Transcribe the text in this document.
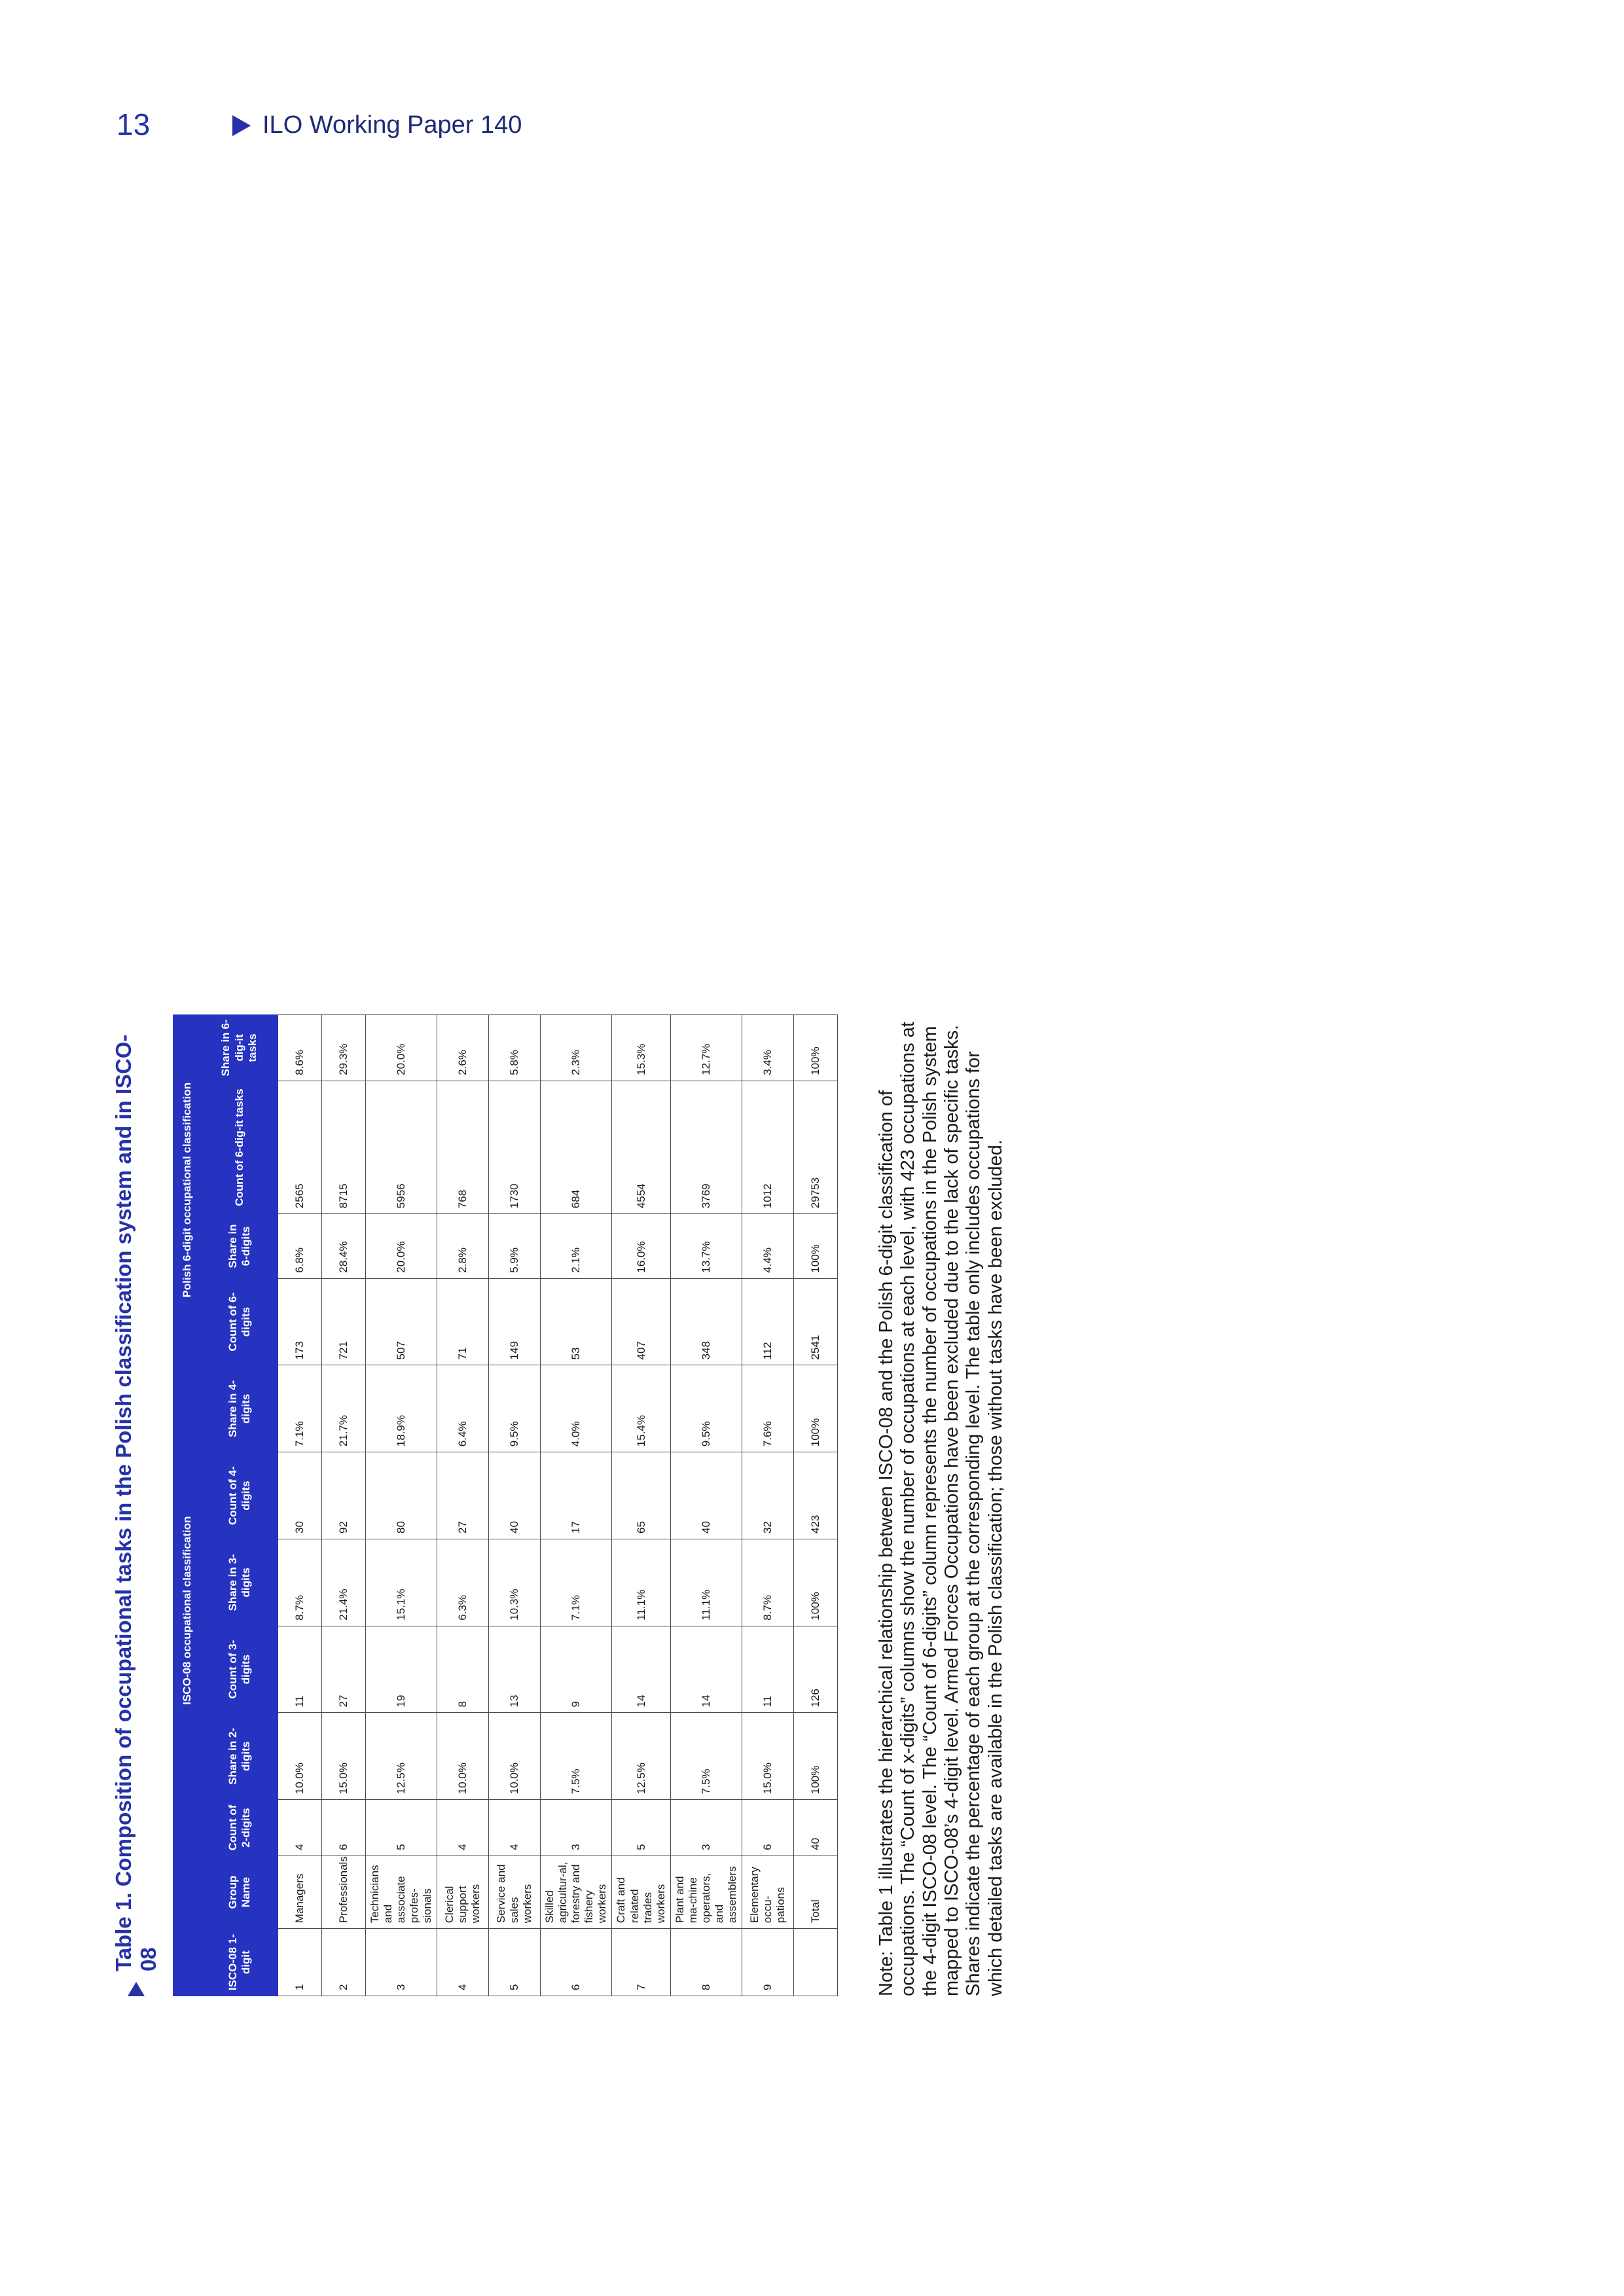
13	ILO Working Paper 140
Table 1. Composition of occupational tasks in the Polish classification system and in ISCO-08
		ISCO-08 occupational classification						Polish 6-digit occupational classification			
ISCO-08 1-digit	Group Name	Count of 2-digits	Share in 2-digits	Count of 3-digits	Share in 3-digits	Count of 4-digits	Share in 4-digits	Count of 6-digits	Share in 6-digits	Count of 6-dig-it tasks	Share in 6-dig-it tasks
1	Managers	4	10.0%	11	8.7%	30	7.1%	173	6.8%	2565	8.6%
2	Professionals	6	15.0%	27	21.4%	92	21.7%	721	28.4%	8715	29.3%
3	Technicians and associate profes-sionals	5	12.5%	19	15.1%	80	18.9%	507	20.0%	5956	20.0%
4	Clerical support workers	4	10.0%	8	6.3%	27	6.4%	71	2.8%	768	2.6%
5	Service and sales workers	4	10.0%	13	10.3%	40	9.5%	149	5.9%	1730	5.8%
6	Skilled agricultur-al, forestry and fishery workers	3	7.5%	9	7.1%	17	4.0%	53	2.1%	684	2.3%
7	Craft and related trades workers	5	12.5%	14	11.1%	65	15.4%	407	16.0%	4554	15.3%
8	Plant and ma-chine operators, and assemblers	3	7.5%	14	11.1%	40	9.5%	348	13.7%	3769	12.7%
9	Elementary occu-pations	6	15.0%	11	8.7%	32	7.6%	112	4.4%	1012	3.4%
	Total	40	100%	126	100%	423	100%	2541	100%	29753	100%
Note: Table 1 illustrates the hierarchical relationship between ISCO-08 and the Polish 6-digit classification of occupations. The “Count of x-digits” columns show the number of occupations at each level, with 423 occupations at the 4-digit ISCO-08 level. The “Count of 6-digits” column represents the number of occupations in the Polish system mapped to ISCO-08’s 4-digit level. Armed Forces Occupations have been excluded due to the lack of specific tasks. Shares indicate the percentage of each group at the corresponding level. The table only includes occupations for which detailed tasks are available in the Polish classification; those without tasks have been excluded.
